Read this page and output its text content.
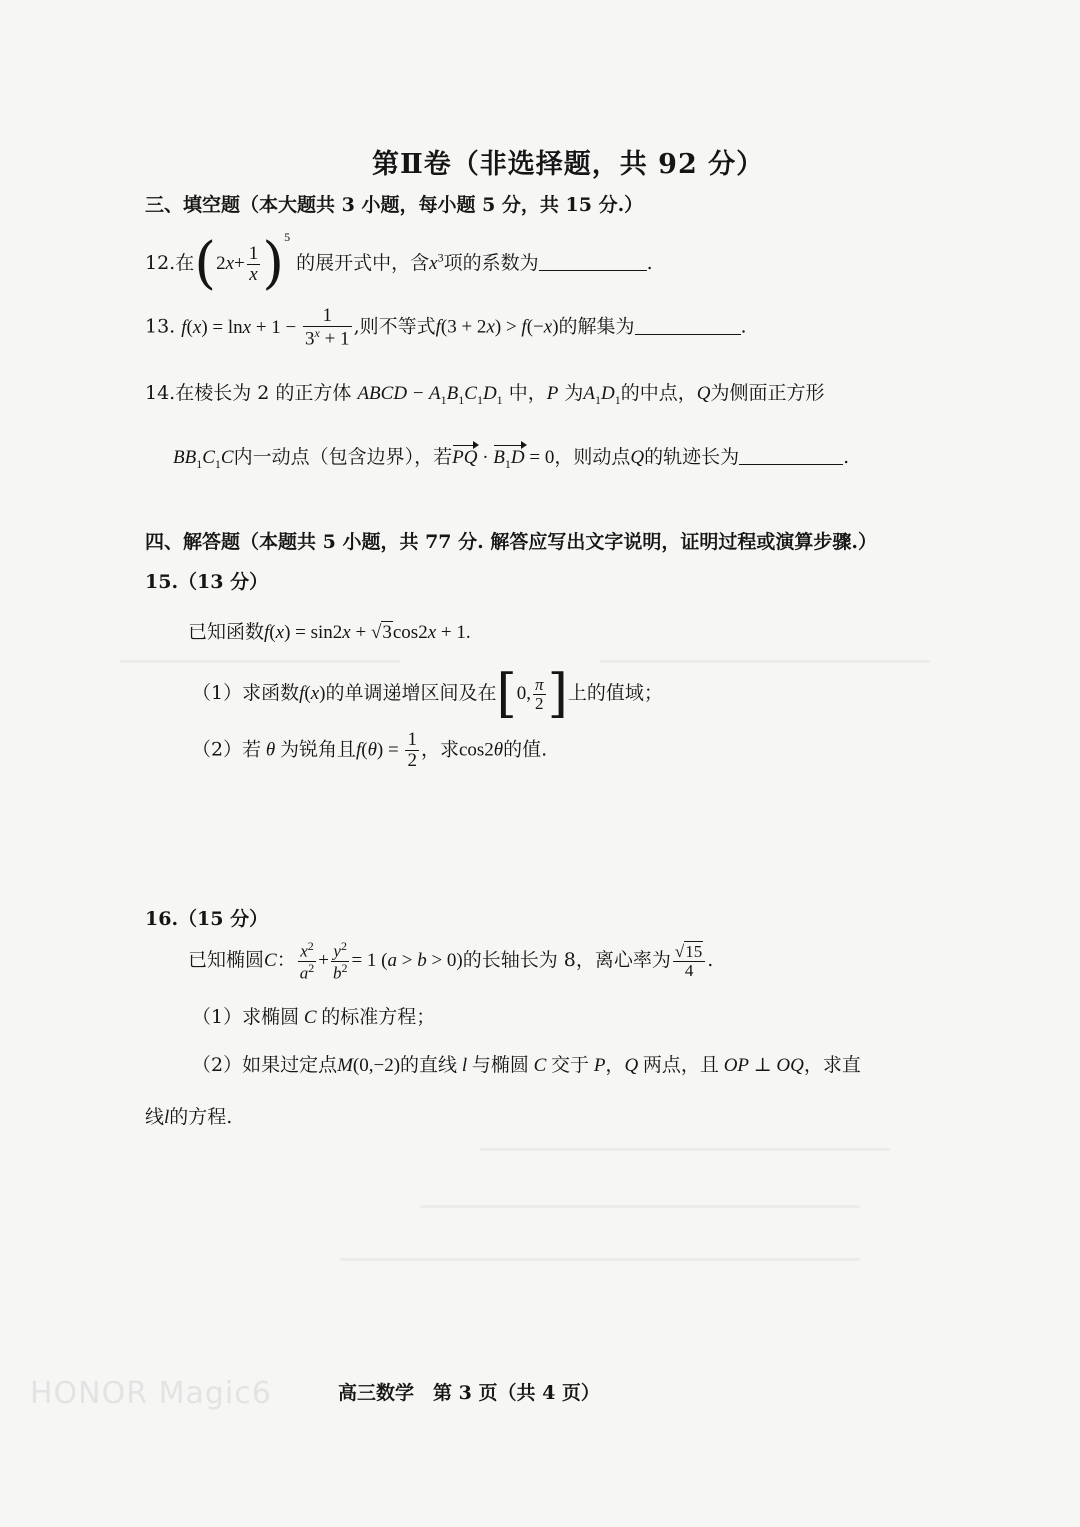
第Ⅱ卷（非选择题，共 92 分）
三、填空题（本大题共 3 小题，每小题 5 分，共 15 分.）
12.在$(2x+ \frac{1}{x} )^5$ 的展开式中，含$x^3$项的系数为	.
13. $f(x) = \ln x + 1 - \frac{1}{3^x + 1}$ ,则不等式f(3 + 2x) > f(−x)的解集为	.
14.在棱长为 2 的正方体 ABCD − $A_1B_1C_1D_1$ 中，P 为$A_1D_1$的中点，Q为侧面正方形
$BB_1C_1C$内一动点（包含边界），若PQ · $B_1D = 0$，则动点Q的轨迹长为	.
四、解答题（本题共 5 小题，共 77 分. 解答应写出文字说明，证明过程或演算步骤.）
15.（13 分）
已知函数f(x) = sin2x + √3cos2x + 1.
（1）求函数f(x)的单调递增区间及在[0, $\frac{\pi}{2}$ ]上的值域；
（2）若 θ 为锐角且$f(\theta) = \frac{1}{2}$ ，求cos2θ的值.
16.（15 分）
已知椭圆C： $\frac{x^2}{a^2} + \frac{y^2}{b^2} = 1$ (a > b > 0)的长轴长为 8，离心率为 $\frac{√15}{4}$ .
（1）求椭圆 C 的标准方程；
（2）如果过定点M(0,−2)的直线 l 与椭圆 C 交于 P，Q 两点，且 OP ⊥ OQ，求直
线l的方程.
HONOR Magic6	高三数学　第 3 页（共 4 页）
